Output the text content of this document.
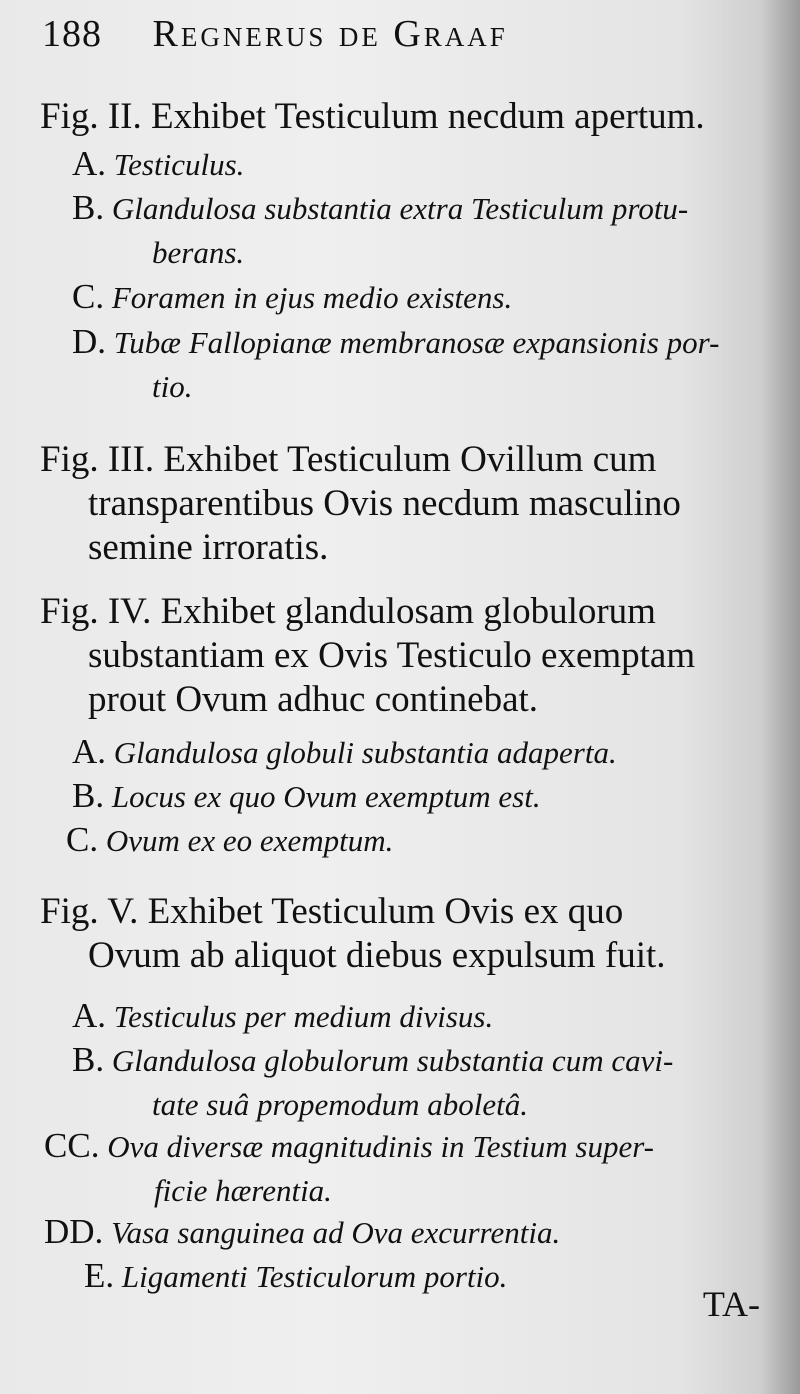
188 Regnerus de Graaf
Fig. II. Exhibet Testiculum necdum apertum.
A. Testiculus.
B. Glandulosa substantia extra Testiculum protu-
berans.
C. Foramen in ejus medio existens.
D. Tubæ Fallopianæ membranosæ expansionis por-
tio.
Fig. III. Exhibet Testiculum Ovillum cum
transparentibus Ovis necdum masculino
semine irroratis.
Fig. IV. Exhibet glandulosam globulorum
substantiam ex Ovis Testiculo exemptam
prout Ovum adhuc continebat.
A. Glandulosa globuli substantia adaperta.
B. Locus ex quo Ovum exemptum est.
C. Ovum ex eo exemptum.
Fig. V. Exhibet Testiculum Ovis ex quo
Ovum ab aliquot diebus expulsum fuit.
A. Testiculus per medium divisus.
B. Glandulosa globulorum substantia cum cavi-
tate suâ propemodum aboletâ.
CC. Ova diversæ magnitudinis in Testium super-
ficie hærentia.
DD. Vasa sanguinea ad Ova excurrentia.
E. Ligamenti Testiculorum portio.
TA-
